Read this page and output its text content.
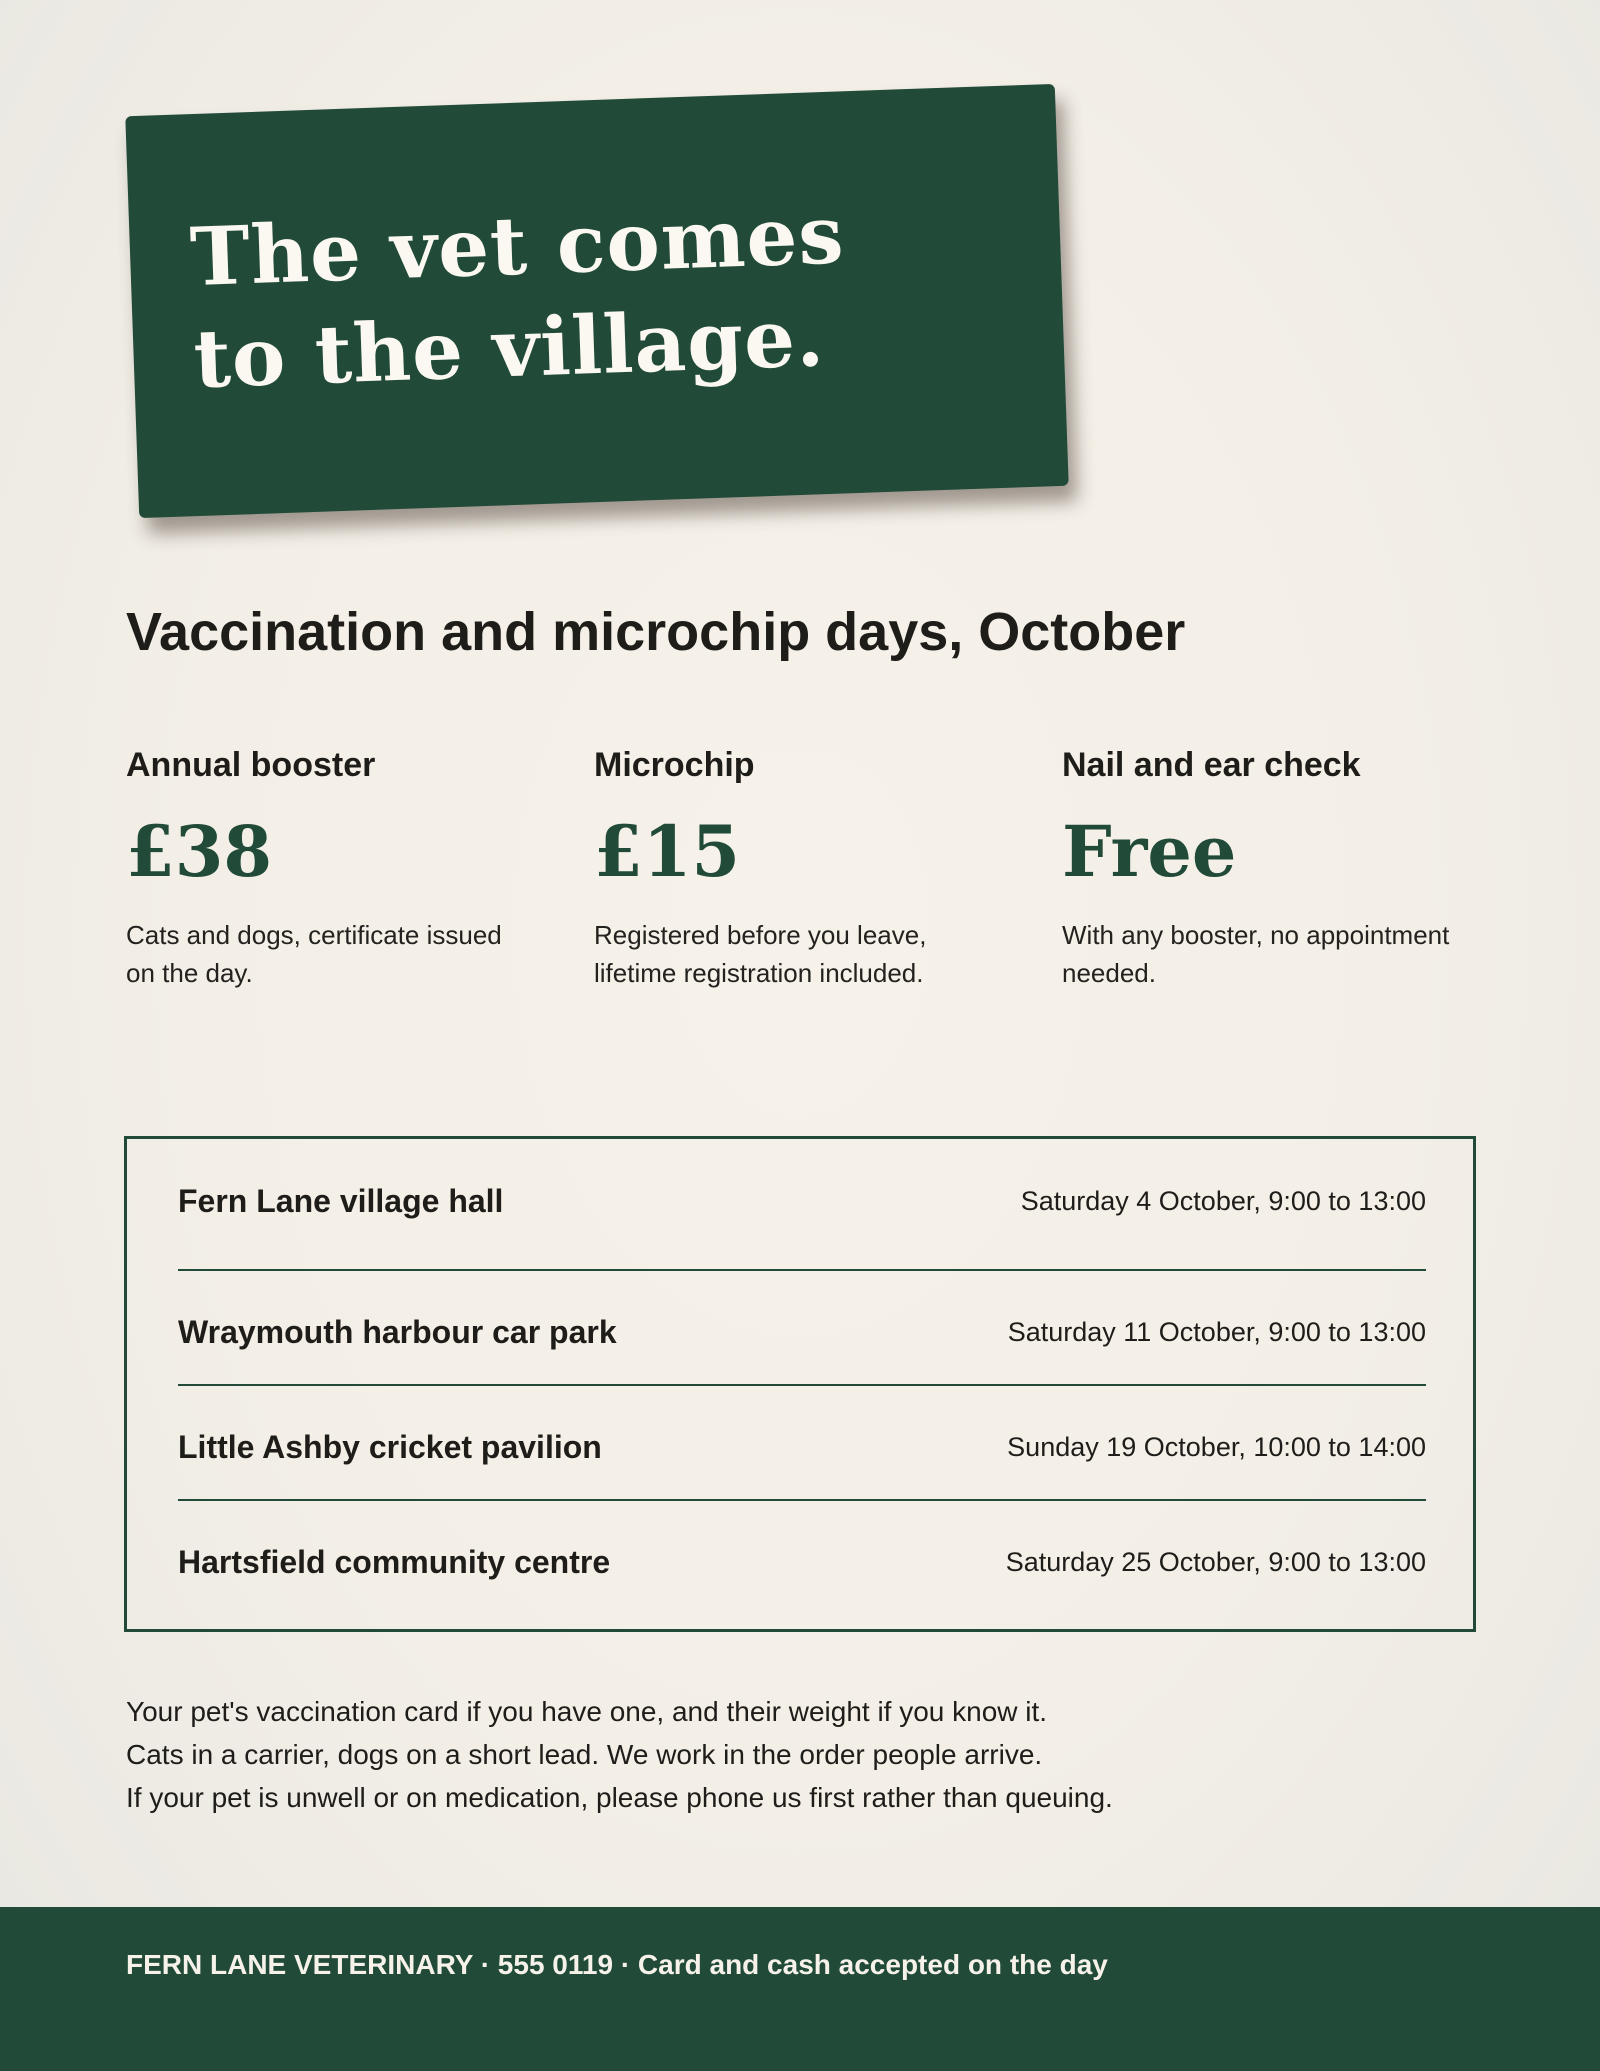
The vet comes
to the village.
Vaccination and microchip days, October
Annual booster
£38
Cats and dogs, certificate issued on the day.
Microchip
£15
Registered before you leave, lifetime registration included.
Nail and ear check
Free
With any booster, no appointment needed.
Fern Lane village hall	Saturday 4 October, 9:00 to 13:00
Wraymouth harbour car park	Saturday 11 October, 9:00 to 13:00
Little Ashby cricket pavilion	Sunday 19 October, 10:00 to 14:00
Hartsfield community centre	Saturday 25 October, 9:00 to 13:00
Your pet's vaccination card if you have one, and their weight if you know it.
Cats in a carrier, dogs on a short lead. We work in the order people arrive.
If your pet is unwell or on medication, please phone us first rather than queuing.
FERN LANE VETERINARY · 555 0119 · Card and cash accepted on the day
